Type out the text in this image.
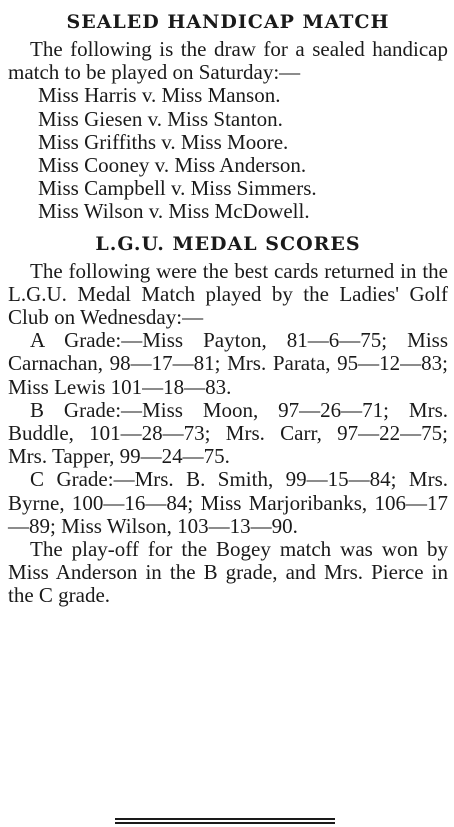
SEALED HANDICAP MATCH

The following is the draw for a sealed handicap match to be played on Saturday:—

Miss Harris v. Miss Manson.

Miss Giesen v. Miss Stanton.

Miss Griffiths v. Miss Moore.

Miss Cooney v. Miss Anderson.

Miss Campbell v. Miss Simmers.

Miss Wilson v. Miss McDowell.

L.G.U. MEDAL SCORES

The following were the best cards returned in the L.G.U. Medal Match played by the Ladies' Golf Club on Wednesday:—

A Grade:—Miss Payton, 81—6—75; Miss Carnachan, 98—17—81; Mrs. Parata, 95—12—83; Miss Lewis 101—18—83.

B Grade:—Miss Moon, 97—26—71; Mrs. Buddle, 101—28—73; Mrs. Carr, 97—22—75; Mrs. Tapper, 99—24—75.

C Grade:—Mrs. B. Smith, 99—15—84; Mrs. Byrne, 100—16—84; Miss Marjoribanks, 106—17—89; Miss Wilson, 103—13—90.

The play-off for the Bogey match was won by Miss Anderson in the B grade, and Mrs. Pierce in the C grade.
